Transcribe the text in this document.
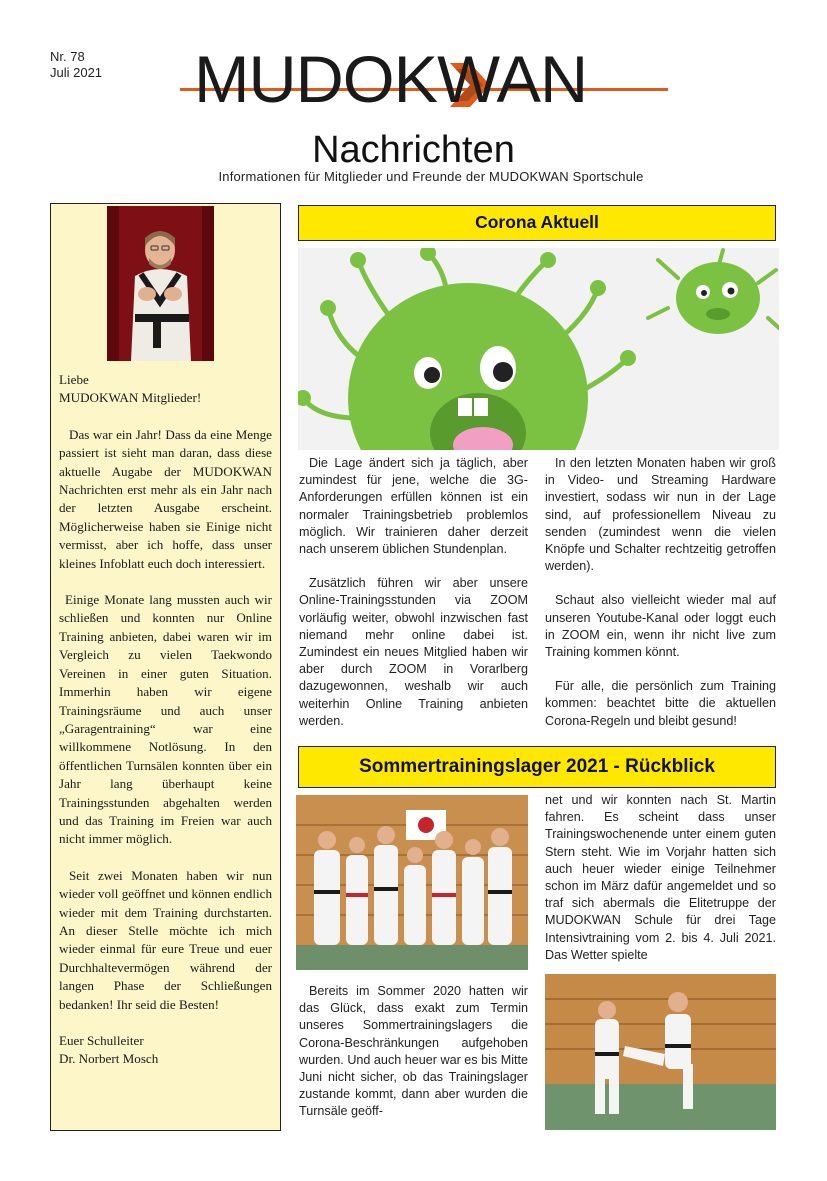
Nr. 78
Juli 2021 MUDOKWAN
Nachrichten
Informationen für Mitglieder und Freunde der MUDOKWAN Sportschule

Liebe

MUDOKWAN Mitglieder!

Das war ein Jahr! Dass da eine Menge passiert ist sieht man daran, dass diese aktuelle Augabe der MUDOKWAN Nachrichten erst mehr als ein Jahr nach der letzten Ausgabe erscheint. Möglicherweise haben sie Einige nicht vermisst, aber ich hoffe, dass unser kleines Infoblatt euch doch interessiert.

Einige Monate lang mussten auch wir schließen und konnten nur Online Training anbieten, dabei waren wir im Vergleich zu vielen Taekwondo Vereinen in einer guten Situation. Immerhin haben wir eigene Trainingsräume und auch unser „Garagentraining“ war eine willkommene Notlösung. In den öffentlichen Turnsälen konnten über ein Jahr lang überhaupt keine Trainingsstunden abgehalten werden und das Training im Freien war auch nicht immer möglich.

Seit zwei Monaten haben wir nun wieder voll geöffnet und können endlich wieder mit dem Training durchstarten. An dieser Stelle möchte ich mich wieder einmal für eure Treue und euer Durchhaltevermögen während der langen Phase der Schließungen bedanken! Ihr seid die Besten!

Euer Schulleiter

Dr. Norbert Mosch

Corona Aktuell

Die Lage ändert sich ja täglich, aber zumindest für jene, welche die 3G-Anforderungen erfüllen können ist ein normaler Trainingsbetrieb problemlos möglich. Wir trainieren daher derzeit nach unserem üblichen Stundenplan.

Zusätzlich führen wir aber unsere Online-Trainingsstunden via ZOOM vorläufig weiter, obwohl inzwischen fast niemand mehr online dabei ist. Zumindest ein neues Mitglied haben wir aber durch ZOOM in Vorarlberg dazugewonnen, weshalb wir auch weiterhin Online Training anbieten werden.

In den letzten Monaten haben wir groß in Video- und Streaming Hardware investiert, sodass wir nun in der Lage sind, auf professionellem Niveau zu senden (zumindest wenn die vielen Knöpfe und Schalter rechtzeitig getroffen werden).

Schaut also vielleicht wieder mal auf unseren Youtube-Kanal oder loggt euch in ZOOM ein, wenn ihr nicht live zum Training kommen könnt.

Für alle, die persönlich zum Training kommen: beachtet bitte die aktuellen Corona-Regeln und bleibt gesund!

Sommertrainingslager 2021 - Rückblick

net und wir konnten nach St. Martin fahren. Es scheint dass unser Trainingswochenende unter einem guten Stern steht. Wie im Vorjahr hatten sich auch heuer wieder einige Teilnehmer schon im März dafür angemeldet und so traf sich abermals die Elitetruppe der MUDOKWAN Schule für drei Tage Intensivtraining vom 2. bis 4. Juli 2021. Das Wetter spielte

Bereits im Sommer 2020 hatten wir das Glück, dass exakt zum Termin unseres Sommertrainingslagers die Corona-Beschränkungen aufgehoben wurden. Und auch heuer war es bis Mitte Juni nicht sicher, ob das Trainingslager zustande kommt, dann aber wurden die Turnsäle geöff-
